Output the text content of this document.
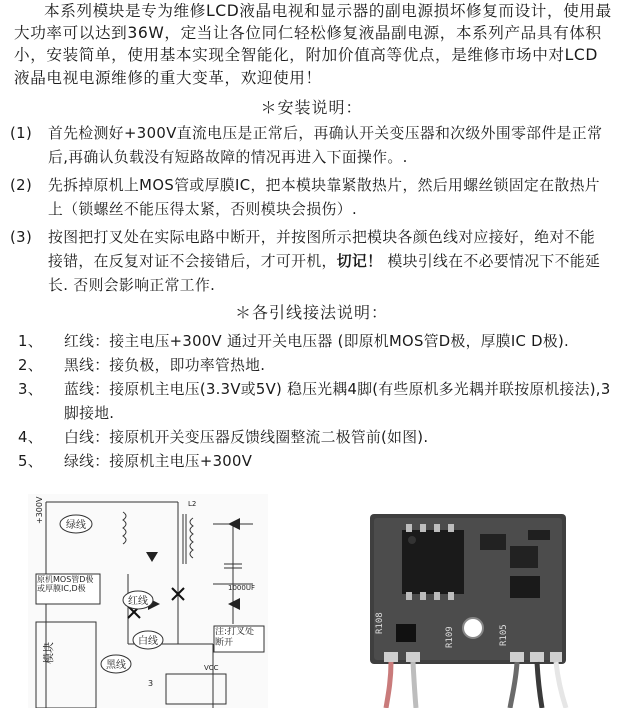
本系列模块是专为维修LCD液晶电视和显示器的副电源损坏修复而设计，使用最大功率可以达到36W，定当让各位同仁轻松修复液晶副电源，本系列产品具有体积小，安装简单，使用基本实现全智能化，附加价值高等优点，是维修市场中对LCD液晶电视电源维修的重大变革，欢迎使用！
＊安装说明：
(1) 首先检测好+300V直流电压是正常后，再确认开关变压器和次级外围零部件是正常后,再确认负载没有短路故障的情况再进入下面操作。.
(2) 先拆掉原机上MOS管或厚膜IC，把本模块靠紧散热片，然后用螺丝锁固定在散热片上（锁螺丝不能压得太紧，否则模块会损伤）.
(3) 按图把打叉处在实际电路中断开，并按图所示把模块各颜色线对应接好，绝对不能接错，在反复对证不会接错后，才可开机，切记！ 模块引线在不必要情况下不能延长. 否则会影响正常工作.
＊各引线接法说明：
1、 红线：接主电压+300V 通过开关电压器 (即原机MOS管D极，厚膜IC D极).
2、 黑线：接负极，即功率管热地.
3、 蓝线：接原机主电压(3.3V或5V) 稳压光耦4脚(有些原机多光耦并联按原机接法),3脚接地.
4、 白线：接原机开关变压器反馈线圈整流二极管前(如图).
5、 绿线：接原机主电压+300V
绿线
红线
白线
黑线
+300V
原机MOS管D极或厚膜IC,D极
注:打叉处断开
模块
1000UF
L2
VCC
3
R108
R109	R105
